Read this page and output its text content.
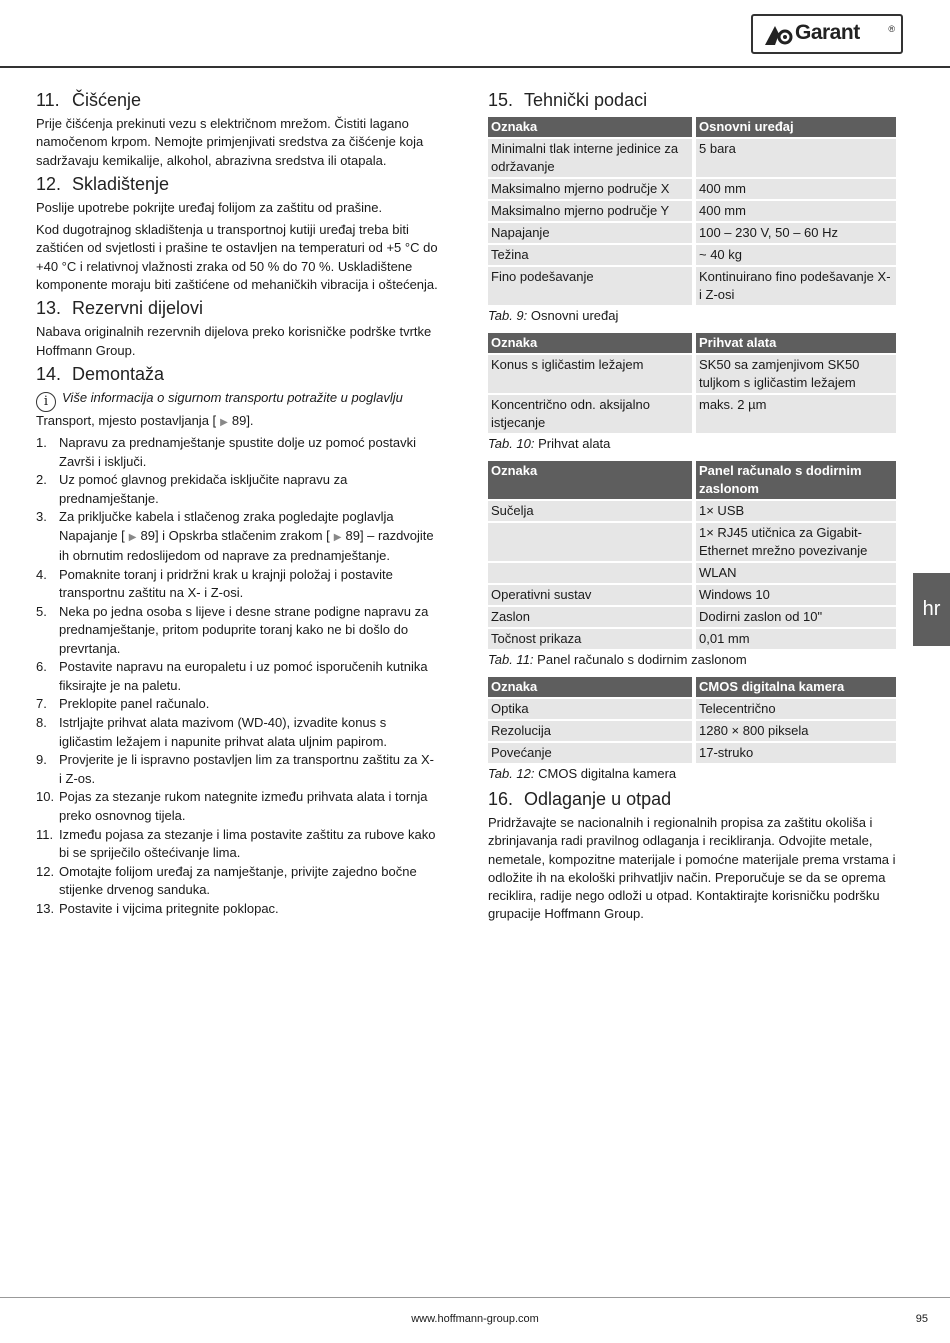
Garant	®
11. Čišćenje

Prije čišćenja prekinuti vezu s električnom mrežom. Čistiti lagano namočenom krpom. Nemojte primjenjivati sredstva za čišćenje koja sadržavaju kemikalije, alkohol, abrazivna sredstva ili otapala.

12. Skladištenje

Poslije upotrebe pokrijte uređaj folijom za zaštitu od prašine.

Kod dugotrajnog skladištenja u transportnoj kutiji uređaj treba biti zaštićen od svjetlosti i prašine te ostavljen na temperaturi od +5 °C do +40 °C i relativnoj vlažnosti zraka od 50 % do 70 %. Uskladištene komponente moraju biti zaštićene od mehaničkih vibracija i oštećenja.

13. Rezervni dijelovi

Nabava originalnih rezervnih dijelova preko korisničke podrške tvrtke Hoffmann Group.

14. Demontaža
i Više informacija o sigurnom transportu potražite u poglavlju
Transport, mjesto postavljanja [ ▶ 89].
1. Napravu za prednamještanje spustite dolje uz pomoć postavki Završi i isključi.
2. Uz pomoć glavnog prekidača isključite napravu za prednamještanje.
3. Za priključke kabela i stlačenog zraka pogledajte poglavlja Napajanje [ ▶ 89] i Opskrba stlačenim zrakom [ ▶ 89] – razdvojite ih obrnutim redoslijedom od naprave za prednamještanje.
4. Pomaknite toranj i pridržni krak u krajnji položaj i postavite transportnu zaštitu na X- i Z-osi.
5. Neka po jedna osoba s lijeve i desne strane podigne napravu za prednamještanje, pritom poduprite toranj kako ne bi došlo do prevrtanja.
6. Postavite napravu na europaletu i uz pomoć isporučenih kutnika fiksirajte je na paletu.
7. Preklopite panel računalo.
8. Istrljajte prihvat alata mazivom (WD-40), izvadite konus s igličastim ležajem i napunite prihvat alata uljnim papirom.
9. Provjerite je li ispravno postavljen lim za transportnu zaštitu za X- i Z-os.
10. Pojas za stezanje rukom nategnite između prihvata alata i tornja preko osnovnog tijela.
11. Između pojasa za stezanje i lima postavite zaštitu za rubove kako bi se spriječilo oštećivanje lima.
12. Omotajte folijom uređaj za namještanje, privijte zajedno bočne stijenke drvenog sanduka.
13. Postavite i vijcima pritegnite poklopac.
15. Tehnički podaci
Oznaka	Osnovni uređaj
Minimalni tlak interne jedinice za održavanje	5 bara
Maksimalno mjerno područje X	400 mm
Maksimalno mjerno područje Y	400 mm
Napajanje	100 – 230 V, 50 – 60 Hz
Težina	~ 40 kg
Fino podešavanje	Kontinuirano fino podešavanje X- i Z-osi
Tab. 9: Osnovni uređaj
Oznaka	Prihvat alata
Konus s igličastim ležajem	SK50 sa zamjenjivom SK50 tuljkom s igličastim ležajem
Koncentrično odn. aksijalno istjecanje	maks. 2 µm
Tab. 10: Prihvat alata
Oznaka	Panel računalo s dodirnim zaslonom
Sučelja	1× USB
	1× RJ45 utičnica za Gigabit-Ethernet mrežno povezivanje
	WLAN
Operativni sustav	Windows 10
Zaslon	Dodirni zaslon od 10"
Točnost prikaza	0,01 mm
Tab. 11: Panel računalo s dodirnim zaslonom
Oznaka	CMOS digitalna kamera
Optika	Telecentrično
Rezolucija	1280 × 800 piksela
Povećanje	17-struko
Tab. 12: CMOS digitalna kamera
16. Odlaganje u otpad

Pridržavajte se nacionalnih i regionalnih propisa za zaštitu okoliša i zbrinjavanja radi pravilnog odlaganja i recikliranja. Odvojite metale, nemetale, kompozitne materijale i pomoćne materijale prema vrstama i odložite ih na ekološki prihvatljiv način. Preporučuje se da se oprema reciklira, radije nego odloži u otpad. Kontaktirajte korisničku podršku grupacije Hoffmann Group.

hr
www.hoffmann-group.com	95
